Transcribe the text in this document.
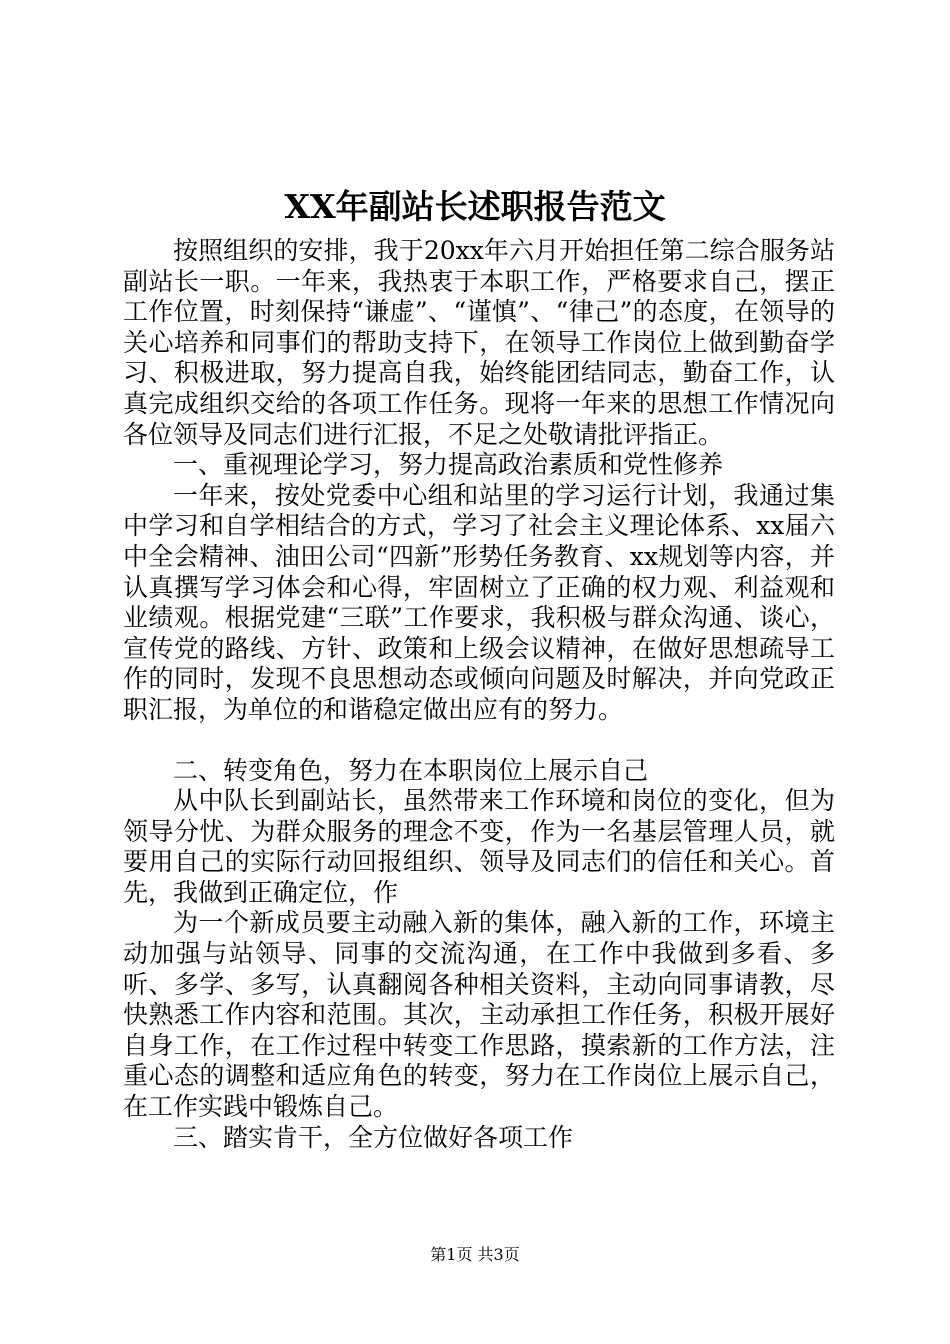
XX年副站长述职报告范文

按照组织的安排，我于20xx年六月开始担任第二综合服务站副站长一职。一年来，我热衷于本职工作，严格要求自己，摆正工作位置，时刻保持“谦虚”、“谨慎”、“律己”的态度，在领导的关心培养和同事们的帮助支持下，在领导工作岗位上做到勤奋学习、积极进取，努力提高自我，始终能团结同志，勤奋工作，认真完成组织交给的各项工作任务。现将一年来的思想工作情况向各位领导及同志们进行汇报，不足之处敬请批评指正。

一、重视理论学习，努力提高政治素质和党性修养

一年来，按处党委中心组和站里的学习运行计划，我通过集中学习和自学相结合的方式，学习了社会主义理论体系、xx届六中全会精神、油田公司“四新”形势任务教育、xx规划等内容，并认真撰写学习体会和心得，牢固树立了正确的权力观、利益观和业绩观。根据党建“三联”工作要求，我积极与群众沟通、谈心，宣传党的路线、方针、政策和上级会议精神，在做好思想疏导工作的同时，发现不良思想动态或倾向问题及时解决，并向党政正职汇报，为单位的和谐稳定做出应有的努力。

二、转变角色，努力在本职岗位上展示自己

从中队长到副站长，虽然带来工作环境和岗位的变化，但为领导分忧、为群众服务的理念不变，作为一名基层管理人员，就要用自己的实际行动回报组织、领导及同志们的信任和关心。首先，我做到正确定位，作

为一个新成员要主动融入新的集体，融入新的工作，环境主动加强与站领导、同事的交流沟通，在工作中我做到多看、多听、多学、多写，认真翻阅各种相关资料，主动向同事请教，尽快熟悉工作内容和范围。其次，主动承担工作任务，积极开展好自身工作，在工作过程中转变工作思路，摸索新的工作方法，注重心态的调整和适应角色的转变，努力在工作岗位上展示自己，在工作实践中锻炼自己。

三、踏实肯干，全方位做好各项工作

第1页 共3页
